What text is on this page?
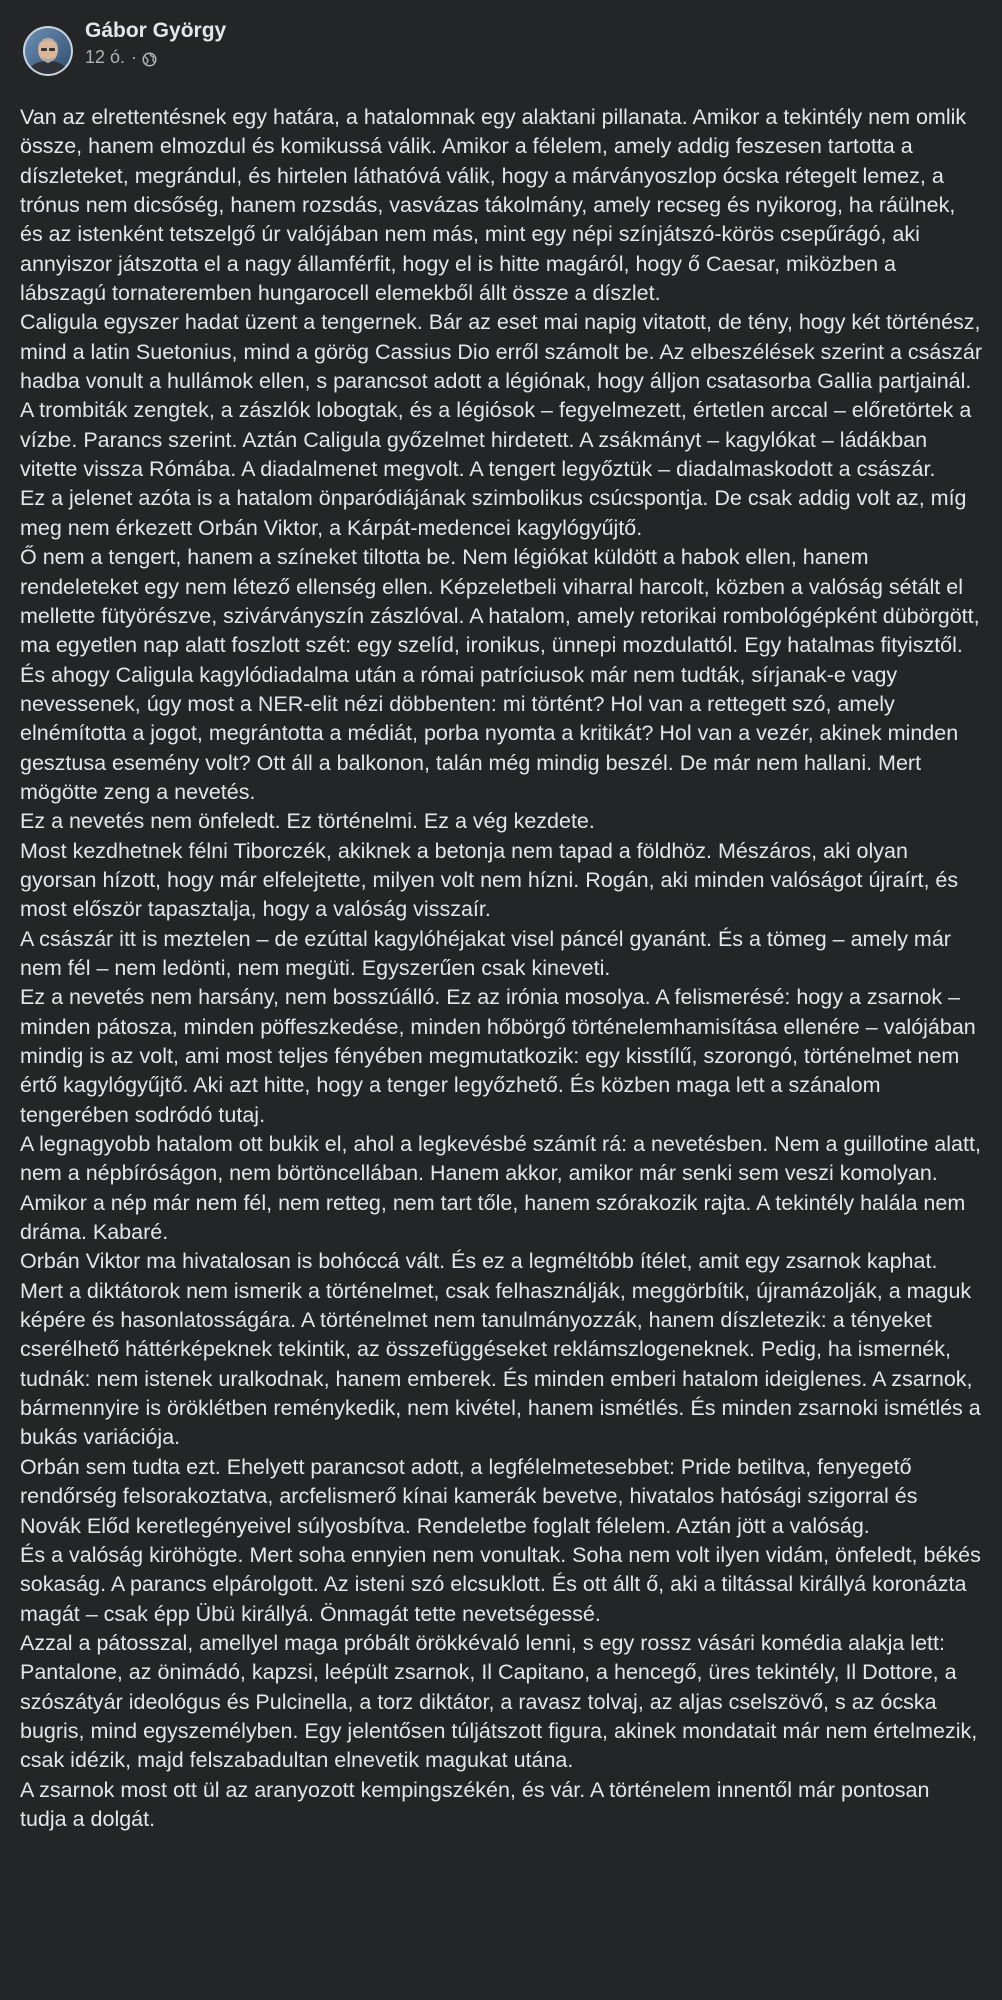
Gábor György
12 ó. ·

Van az elrettentésnek egy határa, a hatalomnak egy alaktani pillanata. Amikor a tekintély nem omlik össze, hanem elmozdul és komikussá válik. Amikor a félelem, amely addig feszesen tartotta a díszleteket, megrándul, és hirtelen láthatóvá válik, hogy a márványoszlop ócska rétegelt lemez, a trónus nem dicsőség, hanem rozsdás, vasvázas tákolmány, amely recseg és nyikorog, ha ráülnek, és az istenként tetszelgő úr valójában nem más, mint egy népi színjátszó-körös csepűrágó, aki annyiszor játszotta el a nagy államférfit, hogy el is hitte magáról, hogy ő Caesar, miközben a lábszagú tornateremben hungarocell elemekből állt össze a díszlet.

Caligula egyszer hadat üzent a tengernek. Bár az eset mai napig vitatott, de tény, hogy két történész, mind a latin Suetonius, mind a görög Cassius Dio erről számolt be. Az elbeszélések szerint a császár hadba vonult a hullámok ellen, s parancsot adott a légiónak, hogy álljon csatasorba Gallia partjainál. A trombiták zengtek, a zászlók lobogtak, és a légiósok – fegyelmezett, értetlen arccal – előretörtek a vízbe. Parancs szerint. Aztán Caligula győzelmet hirdetett. A zsákmányt – kagylókat – ládákban vitette vissza Rómába. A diadalmenet megvolt. A tengert legyőztük – diadalmaskodott a császár.

Ez a jelenet azóta is a hatalom önparódiájának szimbolikus csúcspontja. De csak addig volt az, míg meg nem érkezett Orbán Viktor, a Kárpát-medencei kagylógyűjtő.

Ő nem a tengert, hanem a színeket tiltotta be. Nem légiókat küldött a habok ellen, hanem rendeleteket egy nem létező ellenség ellen. Képzeletbeli viharral harcolt, közben a valóság sétált el mellette fütyörészve, szivárványszín zászlóval. A hatalom, amely retorikai rombológépként dübörgött, ma egyetlen nap alatt foszlott szét: egy szelíd, ironikus, ünnepi mozdulattól. Egy hatalmas fityisztől.

És ahogy Caligula kagylódiadalma után a római patríciusok már nem tudták, sírjanak-e vagy nevessenek, úgy most a NER-elit nézi döbbenten: mi történt? Hol van a rettegett szó, amely elnémította a jogot, megrántotta a médiát, porba nyomta a kritikát? Hol van a vezér, akinek minden gesztusa esemény volt? Ott áll a balkonon, talán még mindig beszél. De már nem hallani. Mert mögötte zeng a nevetés.

Ez a nevetés nem önfeledt. Ez történelmi. Ez a vég kezdete.

Most kezdhetnek félni Tiborczék, akiknek a betonja nem tapad a földhöz. Mészáros, aki olyan gyorsan hízott, hogy már elfelejtette, milyen volt nem hízni. Rogán, aki minden valóságot újraírt, és most először tapasztalja, hogy a valóság visszaír.

A császár itt is meztelen – de ezúttal kagylóhéjakat visel páncél gyanánt. És a tömeg – amely már nem fél – nem ledönti, nem megüti. Egyszerűen csak kineveti.

Ez a nevetés nem harsány, nem bosszúálló. Ez az irónia mosolya. A felismerésé: hogy a zsarnok – minden pátosza, minden pöffeszkedése, minden hőbörgő történelemhamisítása ellenére – valójában mindig is az volt, ami most teljes fényében megmutatkozik: egy kisstílű, szorongó, történelmet nem értő kagylógyűjtő. Aki azt hitte, hogy a tenger legyőzhető. És közben maga lett a szánalom tengerében sodródó tutaj.

A legnagyobb hatalom ott bukik el, ahol a legkevésbé számít rá: a nevetésben. Nem a guillotine alatt, nem a népbíróságon, nem börtöncellában. Hanem akkor, amikor már senki sem veszi komolyan. Amikor a nép már nem fél, nem retteg, nem tart tőle, hanem szórakozik rajta. A tekintély halála nem dráma. Kabaré.

Orbán Viktor ma hivatalosan is bohóccá vált. És ez a legméltóbb ítélet, amit egy zsarnok kaphat.

Mert a diktátorok nem ismerik a történelmet, csak felhasználják, meggörbítik, újramázolják, a maguk képére és hasonlatosságára. A történelmet nem tanulmányozzák, hanem díszletezik: a tényeket cserélhető háttérképeknek tekintik, az összefüggéseket reklámszlogeneknek. Pedig, ha ismernék, tudnák: nem istenek uralkodnak, hanem emberek. És minden emberi hatalom ideiglenes. A zsarnok, bármennyire is öröklétben reménykedik, nem kivétel, hanem ismétlés. És minden zsarnoki ismétlés a bukás variációja.

Orbán sem tudta ezt. Ehelyett parancsot adott, a legfélelmetesebbet: Pride betiltva, fenyegető rendőrség felsorakoztatva, arcfelismerő kínai kamerák bevetve, hivatalos hatósági szigorral és Novák Előd keretlegényeivel súlyosbítva. Rendeletbe foglalt félelem. Aztán jött a valóság.

És a valóság kiröhögte. Mert soha ennyien nem vonultak. Soha nem volt ilyen vidám, önfeledt, békés sokaság. A parancs elpárolgott. Az isteni szó elcsuklott. És ott állt ő, aki a tiltással királlyá koronázta magát – csak épp Übü királlyá. Önmagát tette nevetségessé.

Azzal a pátosszal, amellyel maga próbált örökkévaló lenni, s egy rossz vásári komédia alakja lett: Pantalone, az önimádó, kapzsi, leépült zsarnok, Il Capitano, a hencegő, üres tekintély, Il Dottore, a szószátyár ideológus és Pulcinella, a torz diktátor, a ravasz tolvaj, az aljas cselszövő, s az ócska bugris, mind egyszemélyben. Egy jelentősen túljátszott figura, akinek mondatait már nem értelmezik, csak idézik, majd felszabadultan elnevetik magukat utána.

A zsarnok most ott ül az aranyozott kempingszékén, és vár. A történelem innentől már pontosan tudja a dolgát.
